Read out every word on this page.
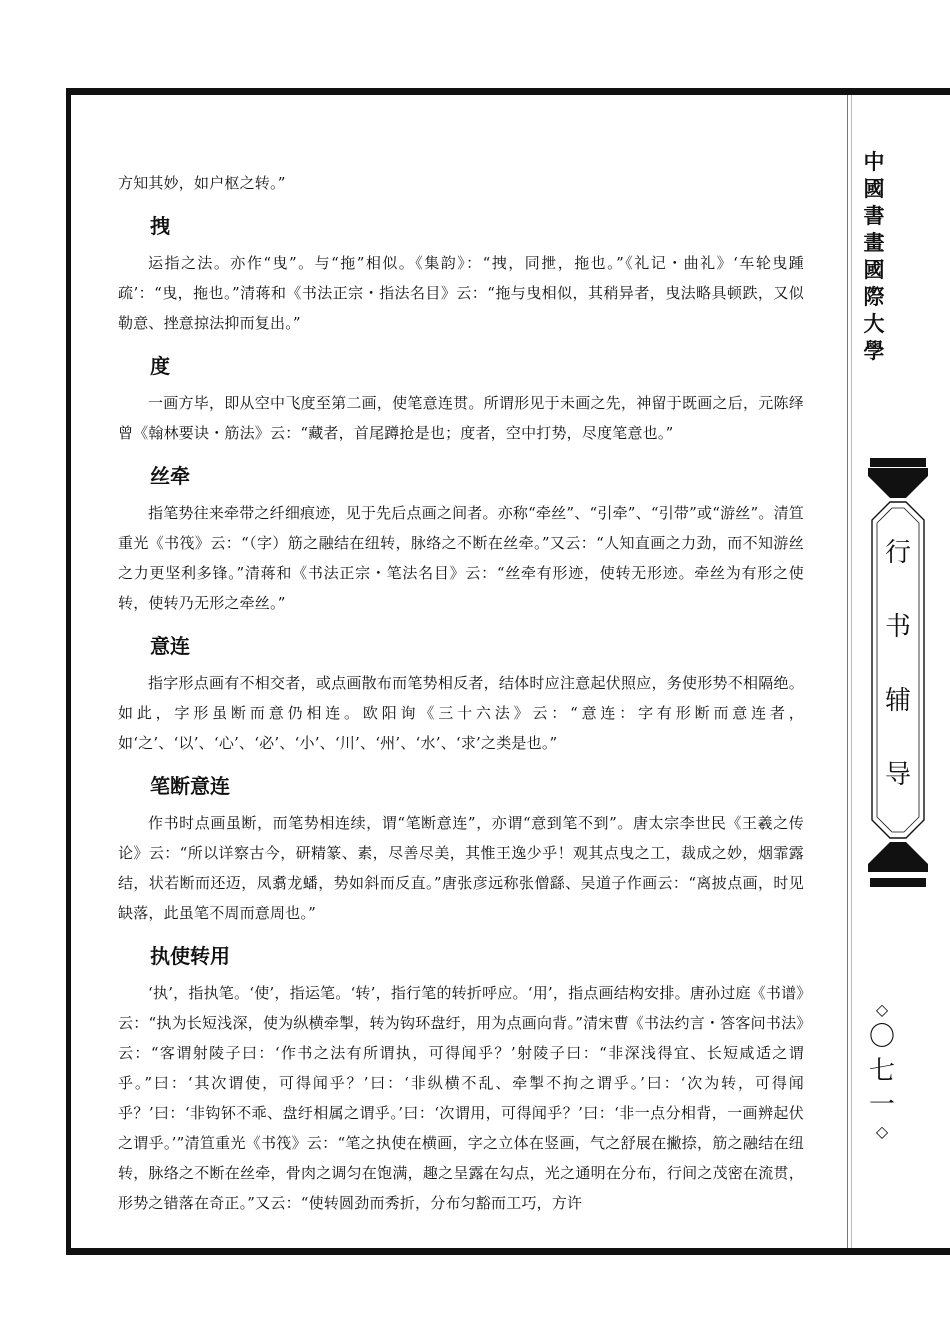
方知其妙，如户枢之转。”

拽

运指之法。亦作“曳”。与“拖”相似。《集韵》：“拽，同抴，拖也。”《礼记・曲礼》‘车轮曳踵疏’：“曳，拖也。”清蒋和《书法正宗・指法名目》云：“拖与曳相似，其稍异者，曳法略具顿跌，又似勒意、挫意掠法抑而复出。”

度

一画方毕，即从空中飞度至第二画，使笔意连贯。所谓形见于未画之先，神留于既画之后，元陈绎曾《翰林要诀・筋法》云：“藏者，首尾蹲抢是也；度者，空中打势，尽度笔意也。”

丝牵

指笔势往来牵带之纤细痕迹，见于先后点画之间者。亦称“牵丝”、“引牵”、“引带”或“游丝”。清笪重光《书筏》云：“（字）筋之融结在纽转，脉络之不断在丝牵。”又云：“人知直画之力劲，而不知游丝之力更坚利多锋。”清蒋和《书法正宗・笔法名目》云：“丝牵有形迹，使转无形迹。牵丝为有形之使转，使转乃无形之牵丝。”

意连

指字形点画有不相交者，或点画散布而笔势相反者，结体时应注意起伏照应，务使形势不相隔绝。如此，字形虽断而意仍相连。欧阳询《三十六法》云：“意连：字有形断而意连者，如‘之’、‘以’、‘心’、‘必’、‘小’、‘川’、‘州’、‘水’、‘求’之类是也。”

笔断意连

作书时点画虽断，而笔势相连续，谓“笔断意连”，亦谓“意到笔不到”。唐太宗李世民《王羲之传论》云：“所以详察古今，研精篆、素，尽善尽美，其惟王逸少乎！观其点曳之工，裁成之妙，烟霏露结，状若断而还迈，凤翥龙蟠，势如斜而反直。”唐张彦远称张僧繇、吴道子作画云：“离披点画，时见缺落，此虽笔不周而意周也。”

执使转用

‘执’，指执笔。‘使’，指运笔。‘转’，指行笔的转折呼应。‘用’，指点画结构安排。唐孙过庭《书谱》云：“执为长短浅深，使为纵横牵掣，转为钩环盘纡，用为点画向背。”清宋曹《书法约言・答客问书法》云：“客谓射陵子曰：‘作书之法有所谓执，可得闻乎？’射陵子曰：“非深浅得宜、长短咸适之谓乎。”曰：‘其次谓使，可得闻乎？’曰：‘非纵横不乱、牵掣不拘之谓乎。’曰：‘次为转，可得闻乎？’曰：‘非钩钚不乖、盘纡相属之谓乎。’曰：‘次谓用，可得闻乎？’曰：‘非一点分相背，一画辨起伏之谓乎。’”清笪重光《书筏》云：“笔之执使在横画，字之立体在竖画，气之舒展在撇捺，筋之融结在纽转，脉络之不断在丝牵，骨肉之调匀在饱满，趣之呈露在勾点，光之通明在分布，行间之茂密在流贯，形势之错落在奇正。”又云：“使转圆劲而秀折，分布匀豁而工巧，方许

中
國
書
畫
國
際
大
學
行
书
辅
导
◇
〇
七
一
◇
